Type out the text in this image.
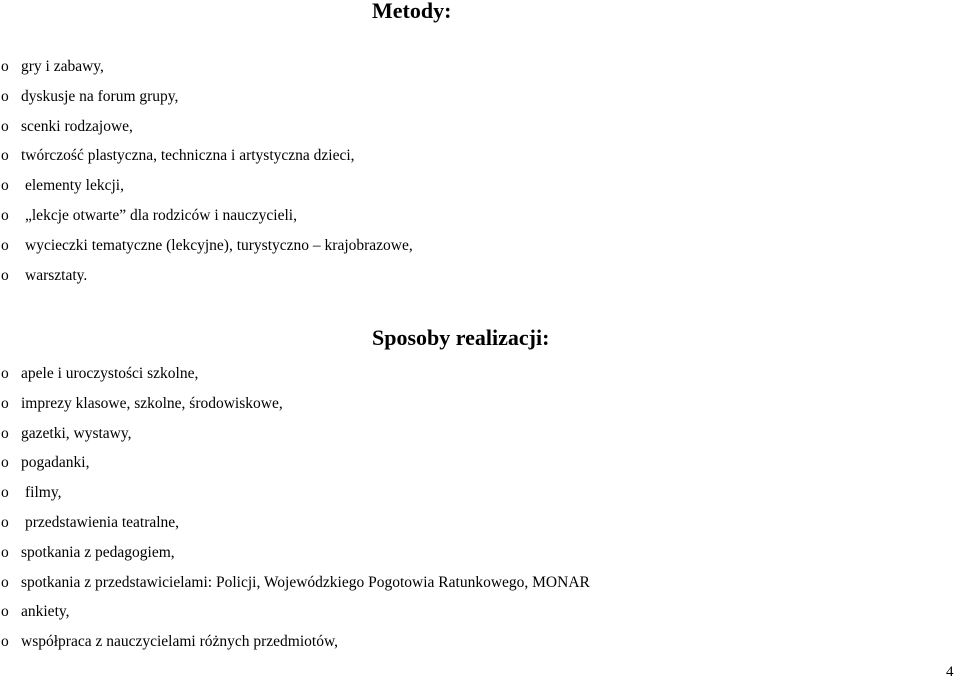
Metody:
o gry i zabawy,
o dyskusje na forum grupy,
o scenki rodzajowe,
o twórczość plastyczna, techniczna i artystyczna dzieci,
o elementy lekcji,
o „lekcje otwarte” dla rodziców i nauczycieli,
o wycieczki tematyczne (lekcyjne), turystyczno – krajobrazowe,
o warsztaty.
Sposoby realizacji:
o apele i uroczystości szkolne,
o imprezy klasowe, szkolne, środowiskowe,
o gazetki, wystawy,
o pogadanki,
o filmy,
o przedstawienia teatralne,
o spotkania z pedagogiem,
o spotkania z przedstawicielami: Policji, Wojewódzkiego Pogotowia Ratunkowego, MONAR
o ankiety,
o współpraca z nauczycielami różnych przedmiotów,
4
